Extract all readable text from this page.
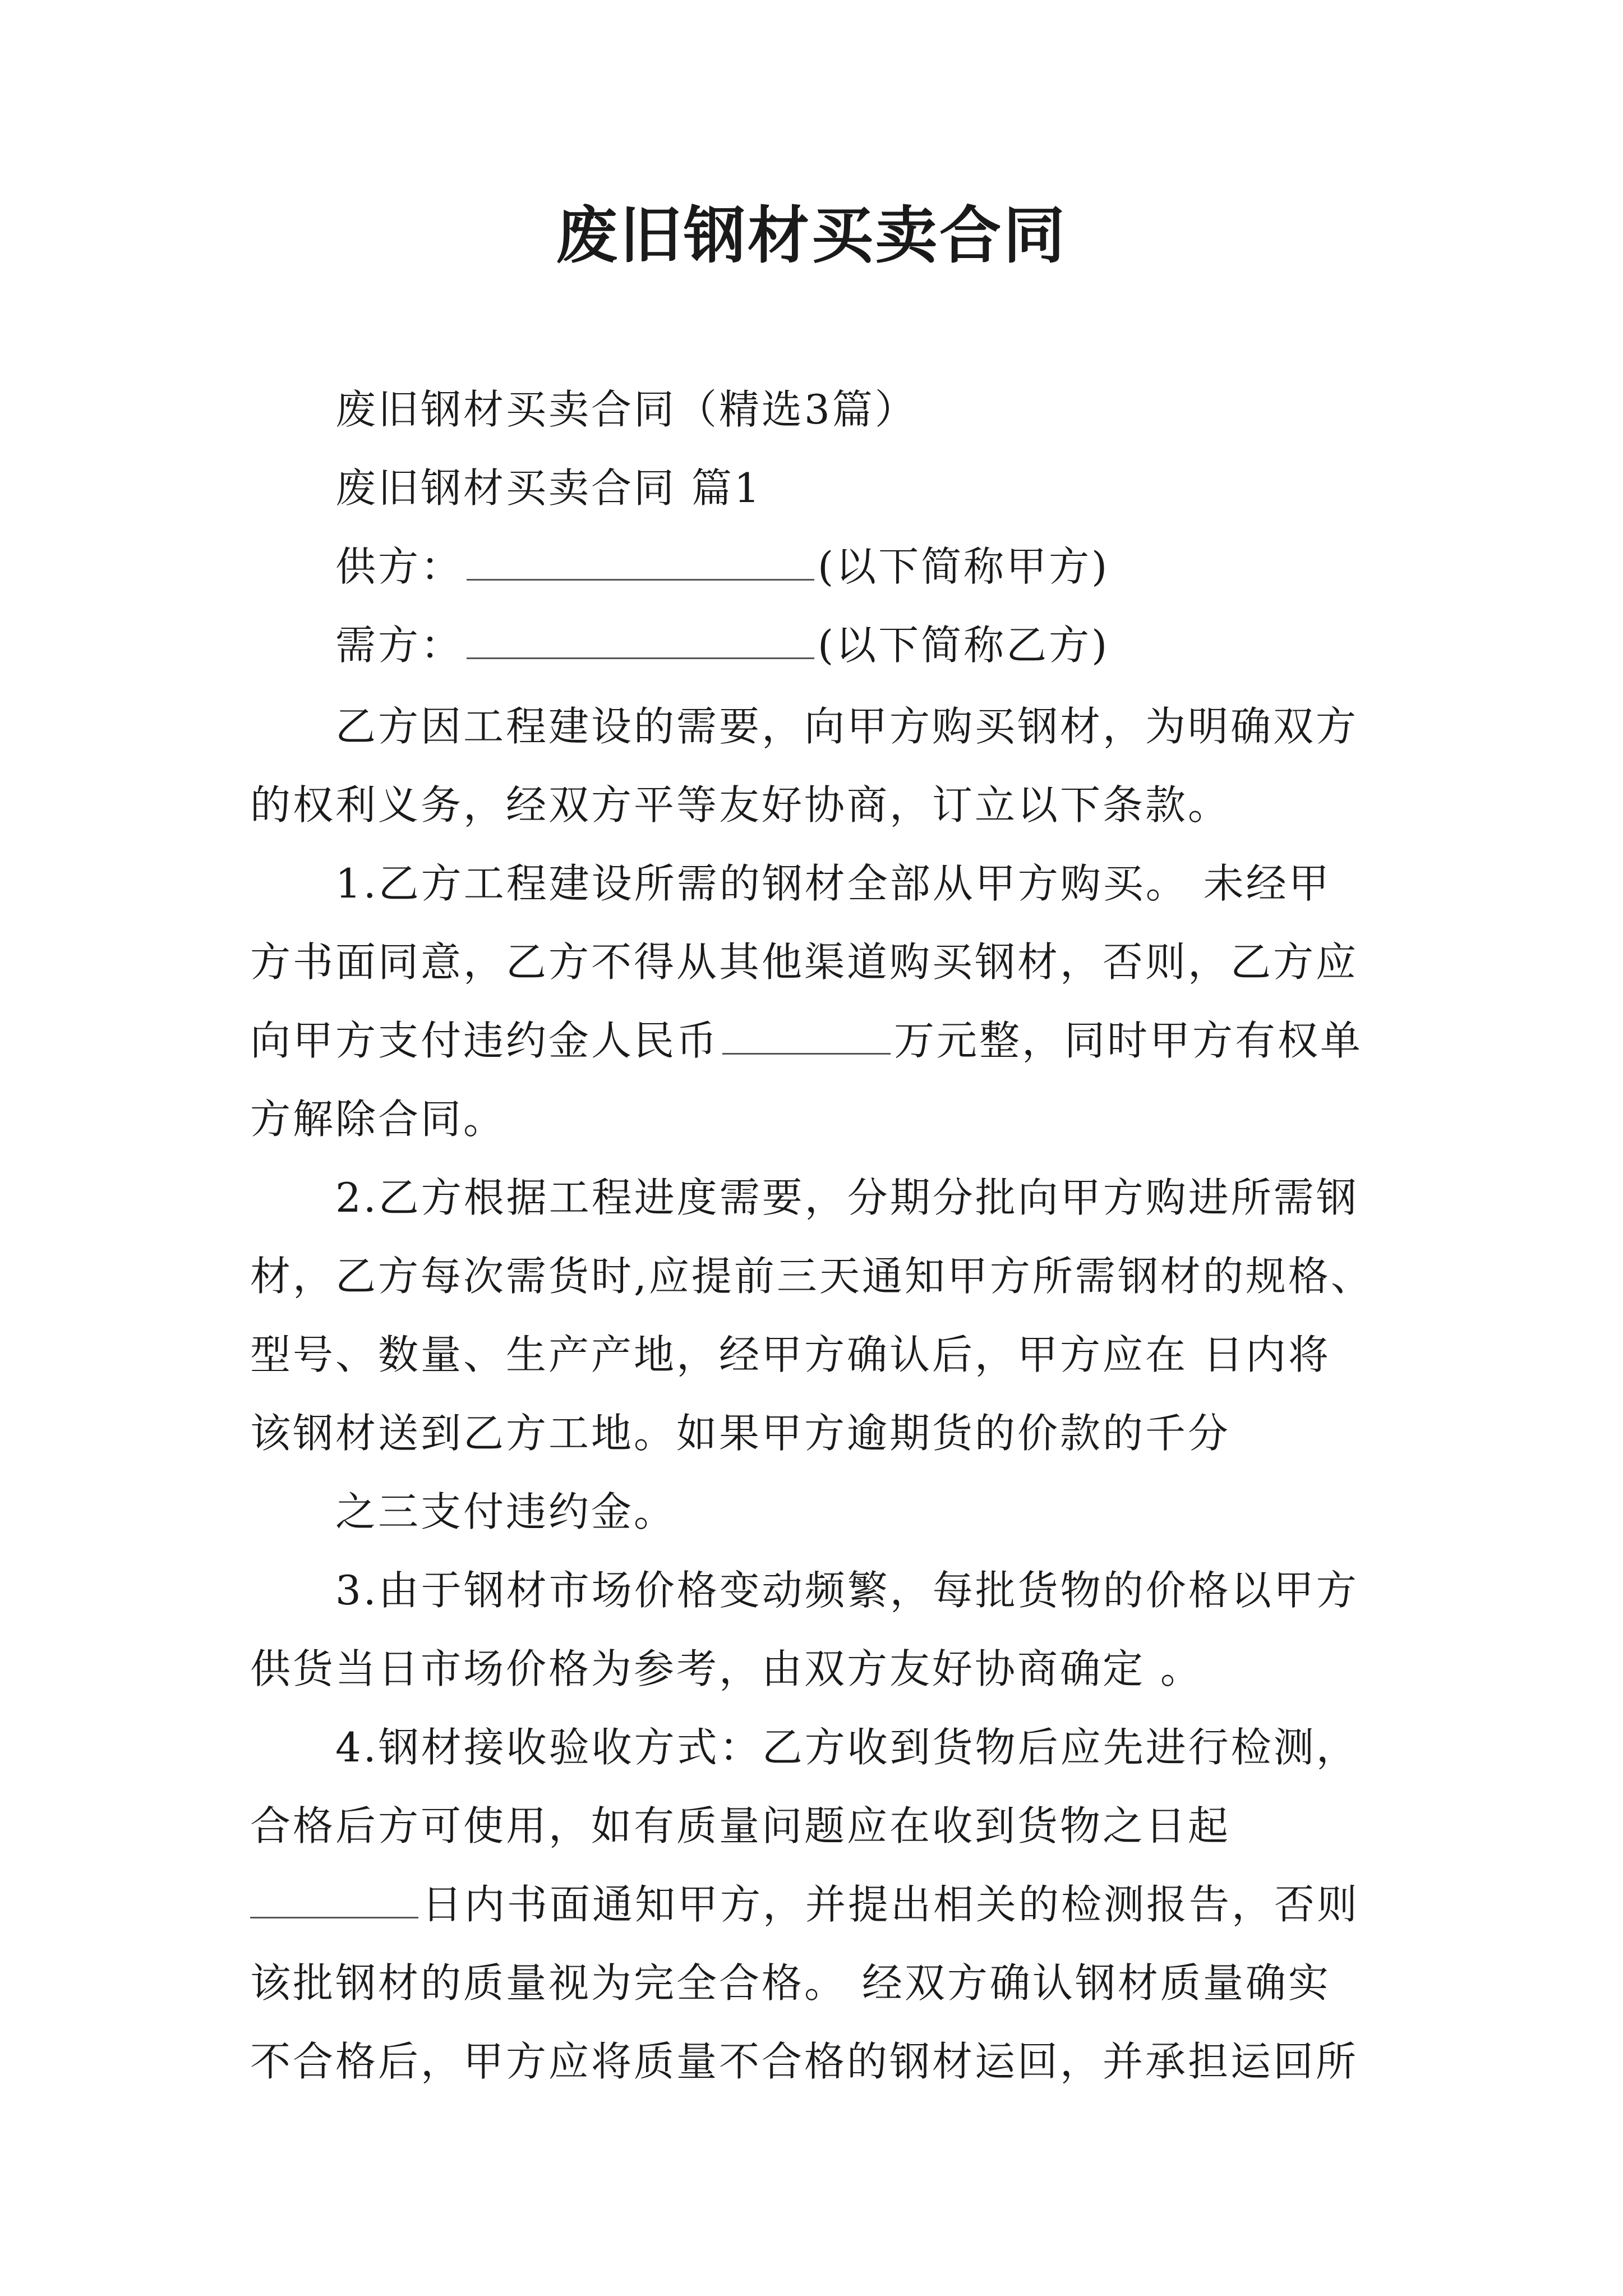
废旧钢材买卖合同
废旧钢材买卖合同（精选3篇）
废旧钢材买卖合同 篇1
供方：	(以下简称甲方)
需方：	(以下简称乙方)
乙方因工程建设的需要，向甲方购买钢材，为明确双方
的权利义务，经双方平等友好协商，订立以下条款。
1.乙方工程建设所需的钢材全部从甲方购买。 未经甲
方书面同意，乙方不得从其他渠道购买钢材，否则，乙方应
向甲方支付违约金人民币	万元整，同时甲方有权单
方解除合同。
2.乙方根据工程进度需要，分期分批向甲方购进所需钢
材，乙方每次需货时,应提前三天通知甲方所需钢材的规格、
型号、数量、生产产地，经甲方确认后，甲方应在 日内将
该钢材送到乙方工地。如果甲方逾期货的价款的千分
之三支付违约金。
3.由于钢材市场价格变动频繁，每批货物的价格以甲方
供货当日市场价格为参考，由双方友好协商确定 。
4.钢材接收验收方式：乙方收到货物后应先进行检测，
合格后方可使用，如有质量问题应在收到货物之日起
日内书面通知甲方，并提出相关的检测报告，否则
该批钢材的质量视为完全合格。 经双方确认钢材质量确实
不合格后，甲方应将质量不合格的钢材运回，并承担运回所
